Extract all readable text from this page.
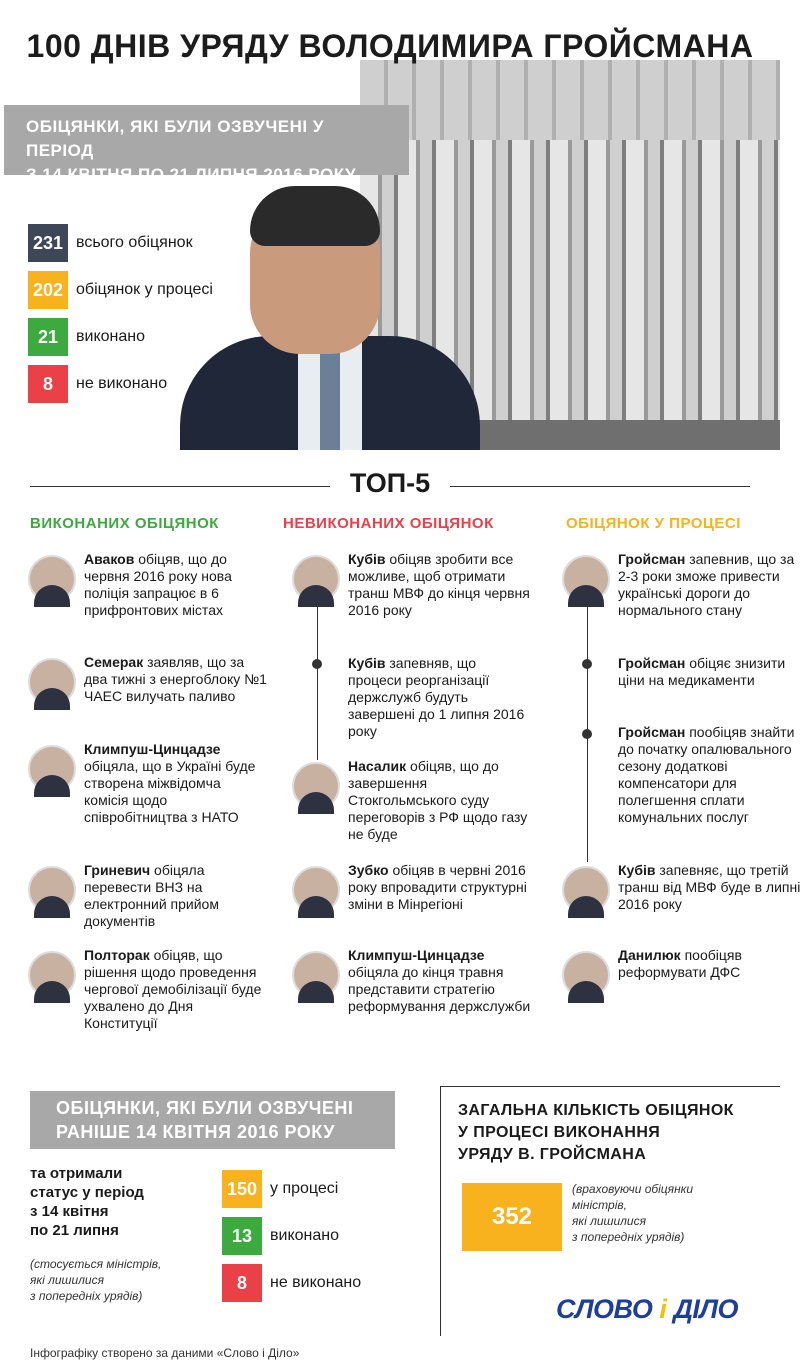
100 ДНІВ УРЯДУ ВОЛОДИМИРА ГРОЙСМАНА
ОБІЦЯНКИ, ЯКІ БУЛИ ОЗВУЧЕНІ У ПЕРІОД
З 14 КВІТНЯ ПО 21 ЛИПНЯ 2016 РОКУ
231 всього обіцянок
202 обіцянок у процесі
21	виконано
8	не виконано
ТОП-5
ВИКОНАНИХ ОБІЦЯНОК	НЕВИКОНАНИХ ОБІЦЯНОК	ОБІЦЯНОК У ПРОЦЕСІ
Аваков обіцяв, що до червня 2016 року нова поліція запрацює в 6 прифронтових містах
Семерак заявляв, що за два тижні з енергоблоку №1 ЧАЕС вилучать паливо
Климпуш-Цинцадзе обіцяла, що в Україні буде створена міжвідомча комісія щодо співробітництва з НАТО
Гриневич обіцяла перевести ВНЗ на електронний прийом документів
Полторак обіцяв, що рішення щодо проведення чергової демобілізації буде ухвалено до Дня Конституції
Кубів обіцяв зробити все можливе, щоб отримати транш МВФ до кінця червня 2016 року
Кубів запевняв, що процеси реорганізації держслужб будуть завершені до 1 липня 2016 року
Насалик обіцяв, що до завершення Стокгольмського суду переговорів з РФ щодо газу не буде
Зубко обіцяв в червні 2016 року впровадити структурні зміни в Мінрегіоні
Климпуш-Цинцадзе обіцяла до кінця травня представити стратегію реформування держслужби
Гройсман запевнив, що за 2-3 роки зможе привести українські дороги до нормального стану
Гройсман обіцяє знизити ціни на медикаменти
Гройсман пообіцяв знайти до початку опалювального сезону додаткові компенсатори для полегшення сплати комунальних послуг
Кубів запевняє, що третій транш від МВФ буде в липні 2016 року
Данилюк пообіцяв реформувати ДФС
ОБІЦЯНКИ, ЯКІ БУЛИ ОЗВУЧЕНІ
РАНІШЕ 14 КВІТНЯ 2016 РОКУ
та отримали
статус у період
з 14 квітня
по 21 липня
(стосується міністрів,
які лишилися
з попередніх урядів)
150 у процесі
13	виконано
8	не виконано
ЗАГАЛЬНА КІЛЬКІСТЬ ОБІЦЯНОК
У ПРОЦЕСІ ВИКОНАННЯ
УРЯДУ В. ГРОЙСМАНА
352
(враховуючи обіцянки
міністрів,
які лишилися
з попередніх урядів)
СЛОВО і ДІЛО
Інфографіку створено за даними «Слово і Діло»
